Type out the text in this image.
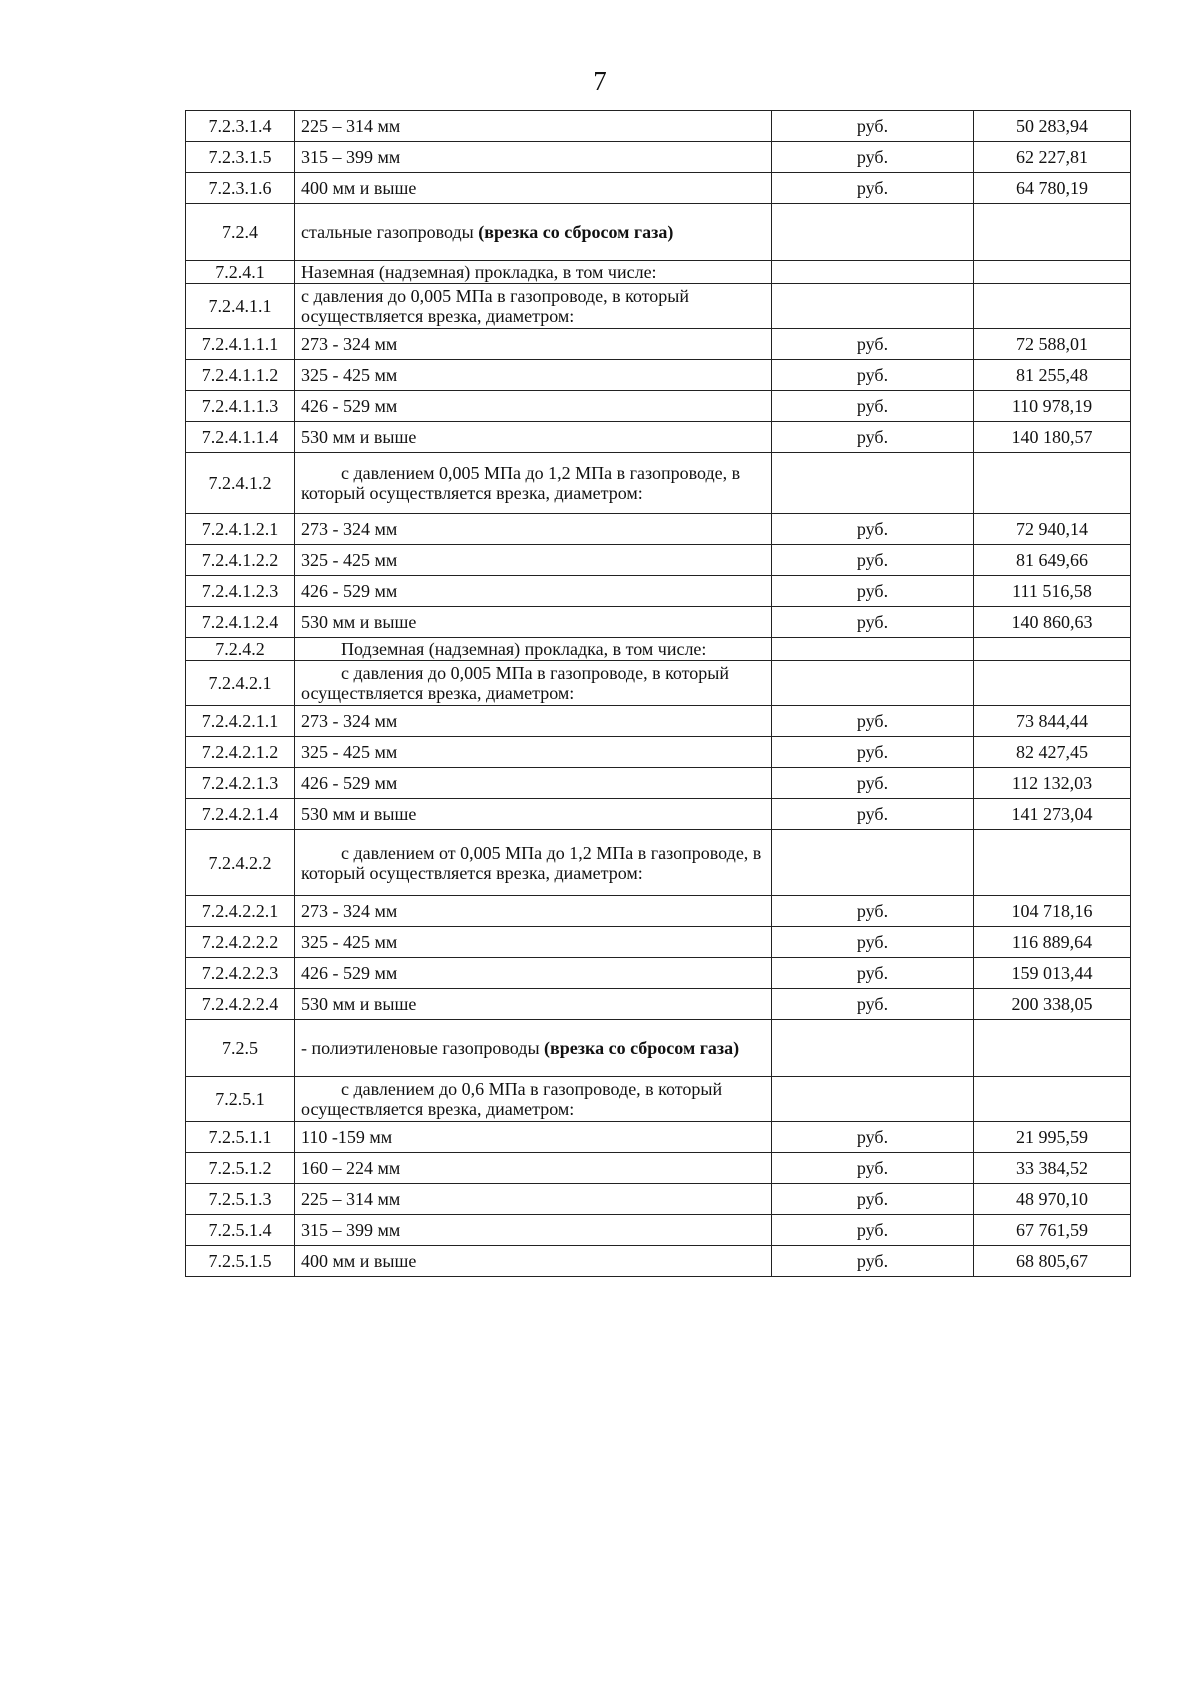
7
7.2.3.1.4	225 – 314 мм	руб.	50 283,94
7.2.3.1.5	315 – 399 мм	руб.	62 227,81
7.2.3.1.6	400 мм и выше	руб.	64 780,19
7.2.4	стальные газопроводы (врезка со сбросом газа)		
7.2.4.1	Наземная (надземная) прокладка, в том числе:		
7.2.4.1.1	с давления до 0,005 МПа в газопроводе, в который осуществляется врезка, диаметром:		
7.2.4.1.1.1	273 - 324 мм	руб.	72 588,01
7.2.4.1.1.2	325 - 425 мм	руб.	81 255,48
7.2.4.1.1.3	426 - 529 мм	руб.	110 978,19
7.2.4.1.1.4	530 мм и выше	руб.	140 180,57
7.2.4.1.2	с давлением 0,005 МПа до 1,2 МПа в газопроводе, в который осуществляется врезка, диаметром:		
7.2.4.1.2.1	273 - 324 мм	руб.	72 940,14
7.2.4.1.2.2	325 - 425 мм	руб.	81 649,66
7.2.4.1.2.3	426 - 529 мм	руб.	111 516,58
7.2.4.1.2.4	530 мм и выше	руб.	140 860,63
7.2.4.2	Подземная (надземная) прокладка, в том числе:		
7.2.4.2.1	с давления до 0,005 МПа в газопроводе, в который осуществляется врезка, диаметром:		
7.2.4.2.1.1	273 - 324 мм	руб.	73 844,44
7.2.4.2.1.2	325 - 425 мм	руб.	82 427,45
7.2.4.2.1.3	426 - 529 мм	руб.	112 132,03
7.2.4.2.1.4	530 мм и выше	руб.	141 273,04
7.2.4.2.2	с давлением от 0,005 МПа до 1,2 МПа в газопроводе, в который осуществляется врезка, диаметром:		
7.2.4.2.2.1	273 - 324 мм	руб.	104 718,16
7.2.4.2.2.2	325 - 425 мм	руб.	116 889,64
7.2.4.2.2.3	426 - 529 мм	руб.	159 013,44
7.2.4.2.2.4	530 мм и выше	руб.	200 338,05
7.2.5	- полиэтиленовые газопроводы (врезка со сбросом газа)		
7.2.5.1	с давлением до 0,6 МПа в газопроводе, в который осуществляется врезка, диаметром:		
7.2.5.1.1	110 -159 мм	руб.	21 995,59
7.2.5.1.2	160 – 224 мм	руб.	33 384,52
7.2.5.1.3	225 – 314 мм	руб.	48 970,10
7.2.5.1.4	315 – 399 мм	руб.	67 761,59
7.2.5.1.5	400 мм и выше	руб.	68 805,67
